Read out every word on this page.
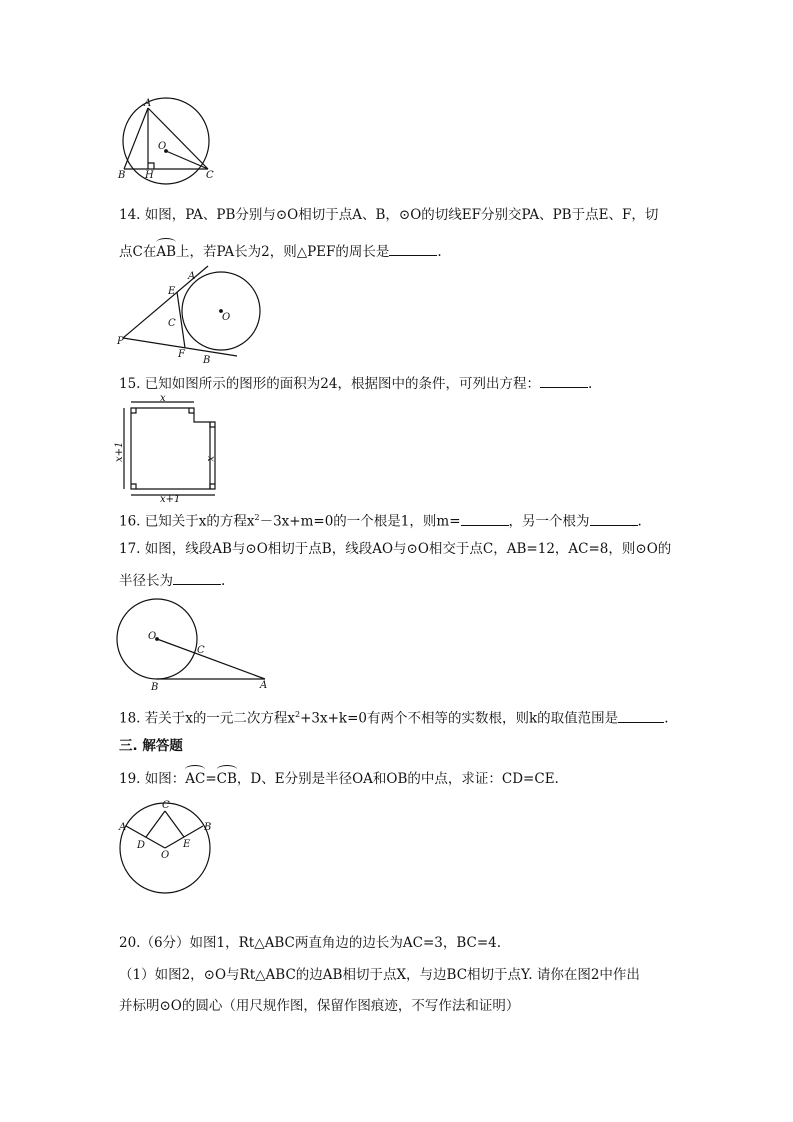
A
O
B H	C
14. 如图，PA、PB分别与⊙O相切于点A、B，⊙O的切线EF分别交PA、PB于点E、F，切
点C在AB上，若PA长为2，则△PEF的周长是	.
A
E
C
O
P
F
B
15. 已知如图所示的图形的面积为24，根据图中的条件，可列出方程：	.
x
x+1	x
x+1
16. 已知关于x的方程$x^2-3x+m=0$的一个根是1，则m=	，另一个根为	.
17. 如图，线段AB与⊙O相切于点B，线段AO与⊙O相交于点C，AB=12，AC=8，则⊙O的
半径长为	.
O
C
B	A
18. 若关于x的一元二次方程$x^2+3x+k=0$有两个不相等的实数根，则k的取值范围是	.
三. 解答题
19. 如图：AC=CB，D、E分别是半径OA和OB的中点，求证：CD=CE.
C
A	B
D
O
E
20.（6分）如图1，Rt△ABC两直角边的边长为AC=3，BC=4.
（1）如图2，⊙O与Rt△ABC的边AB相切于点X，与边BC相切于点Y. 请你在图2中作出
并标明⊙O的圆心（用尺规作图，保留作图痕迹，不写作法和证明）
